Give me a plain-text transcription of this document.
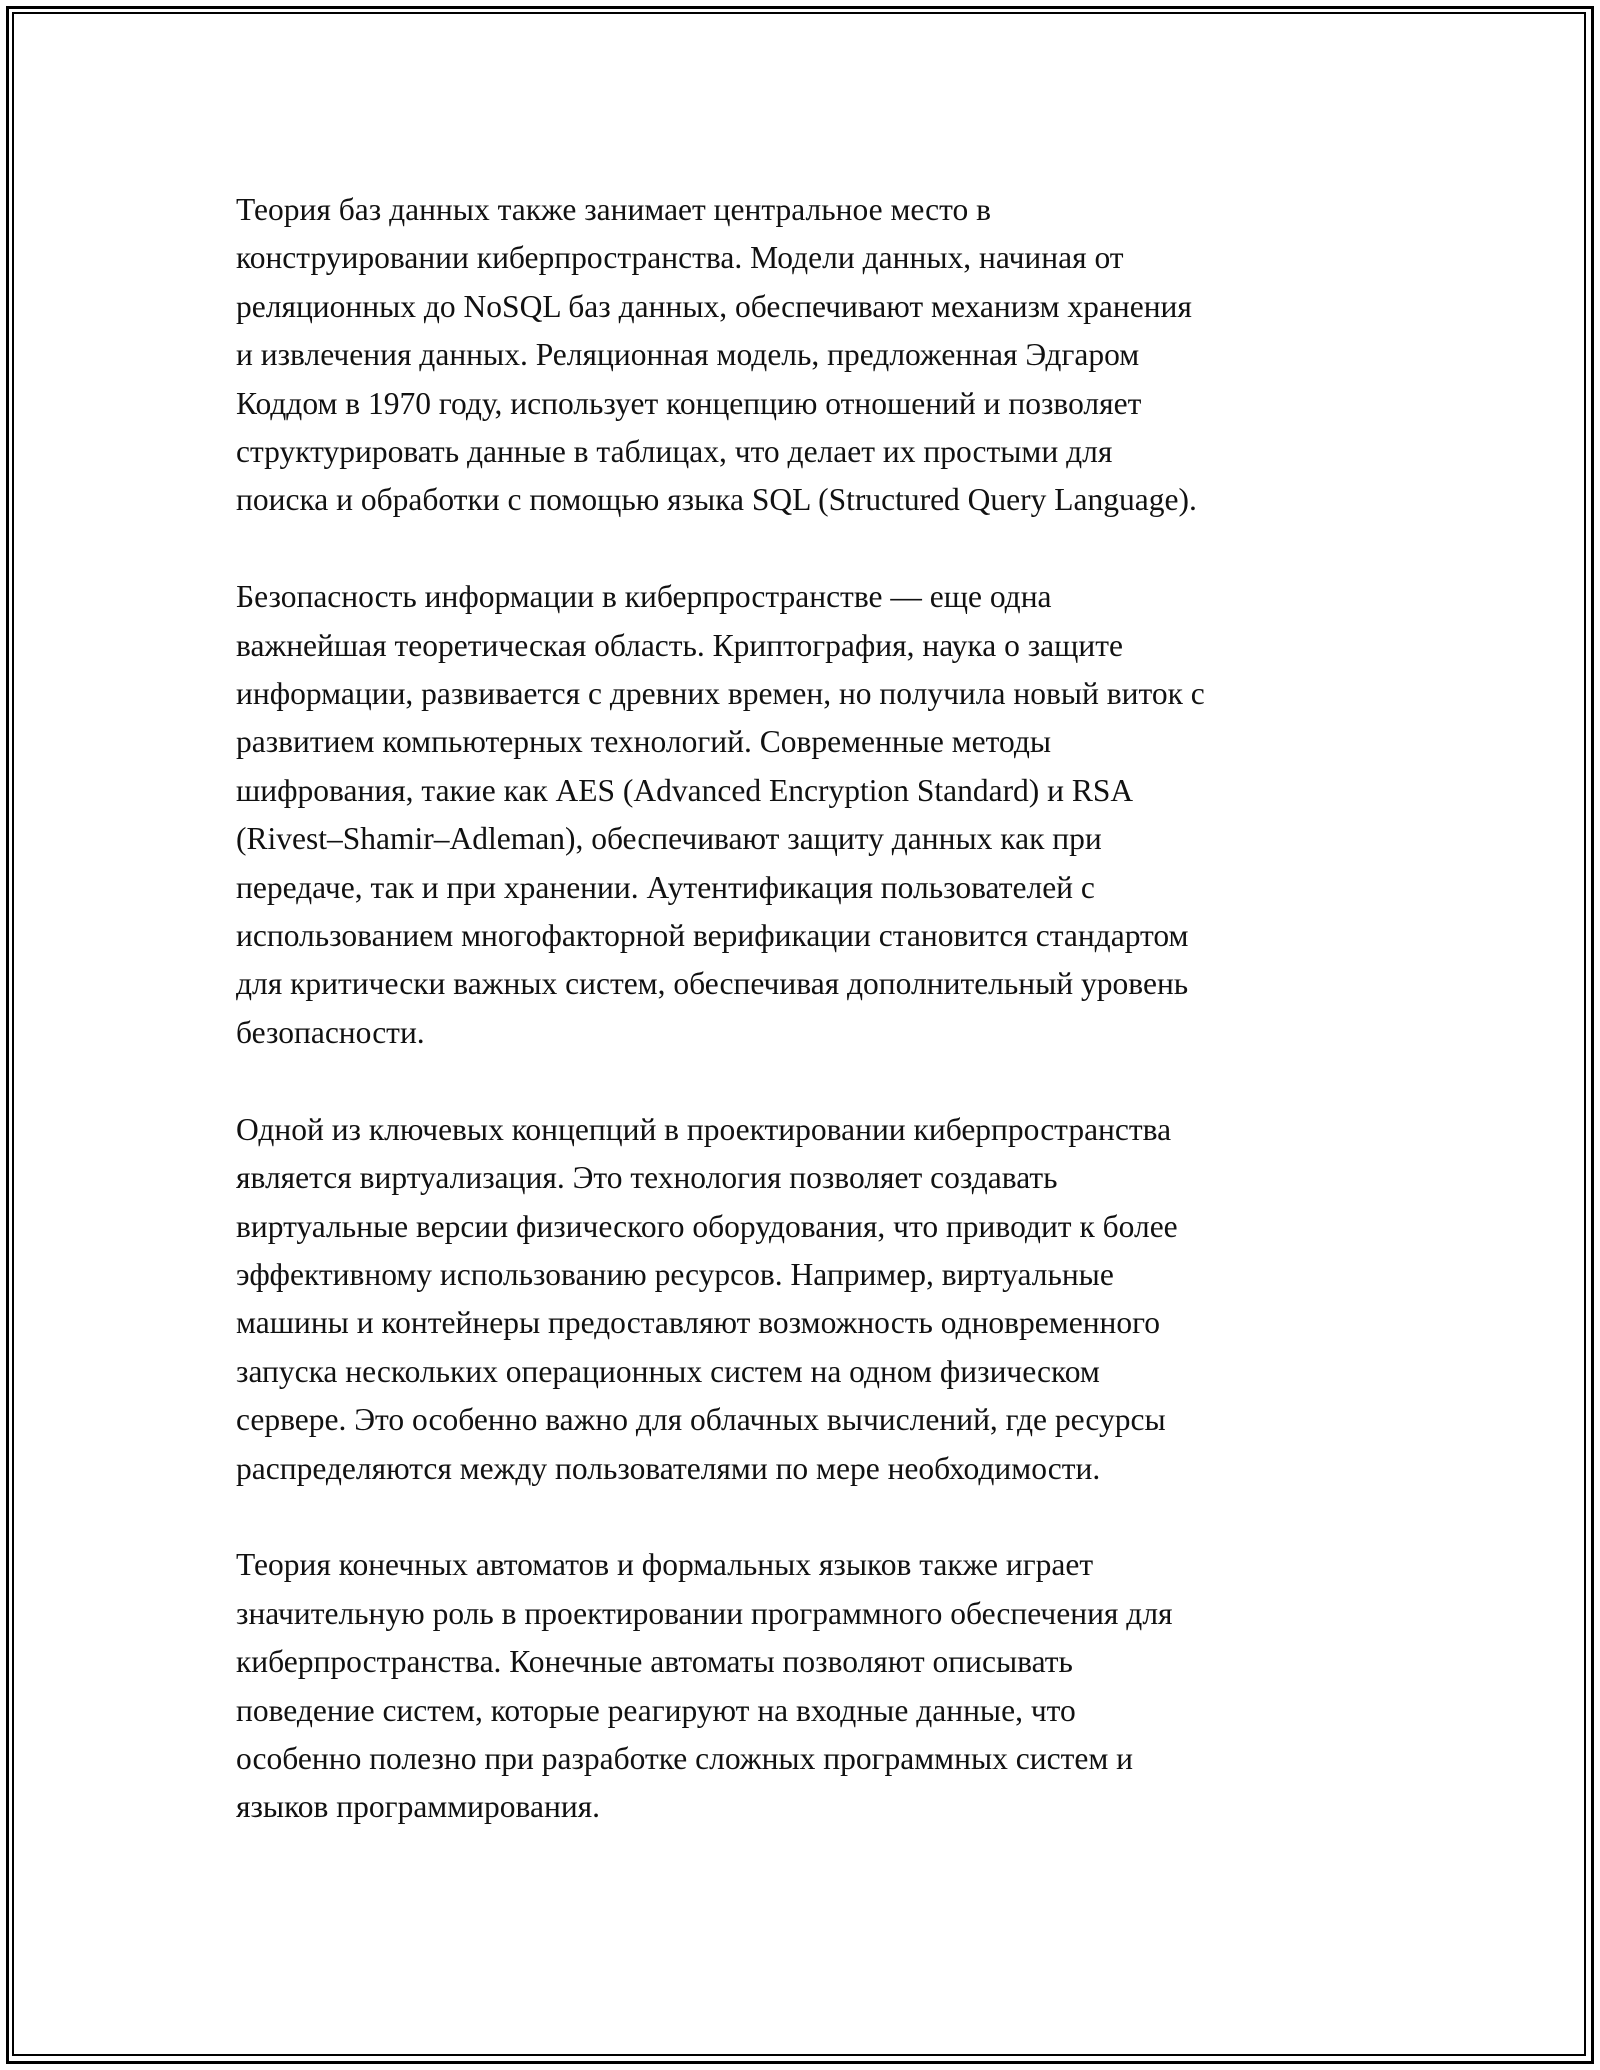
Теория баз данных также занимает центральное место в
конструировании киберпространства. Модели данных, начиная от
реляционных до NoSQL баз данных, обеспечивают механизм хранения
и извлечения данных. Реляционная модель, предложенная Эдгаром
Коддом в 1970 году, использует концепцию отношений и позволяет
структурировать данные в таблицах, что делает их простыми для
поиска и обработки с помощью языка SQL (Structured Query Language).
Безопасность информации в киберпространстве — еще одна
важнейшая теоретическая область. Криптография, наука о защите
информации, развивается с древних времен, но получила новый виток с
развитием компьютерных технологий. Современные методы
шифрования, такие как AES (Advanced Encryption Standard) и RSA
(Rivest–Shamir–Adleman), обеспечивают защиту данных как при
передаче, так и при хранении. Аутентификация пользователей с
использованием многофакторной верификации становится стандартом
для критически важных систем, обеспечивая дополнительный уровень
безопасности.
Одной из ключевых концепций в проектировании киберпространства
является виртуализация. Это технология позволяет создавать
виртуальные версии физического оборудования, что приводит к более
эффективному использованию ресурсов. Например, виртуальные
машины и контейнеры предоставляют возможность одновременного
запуска нескольких операционных систем на одном физическом
сервере. Это особенно важно для облачных вычислений, где ресурсы
распределяются между пользователями по мере необходимости.
Теория конечных автоматов и формальных языков также играет
значительную роль в проектировании программного обеспечения для
киберпространства. Конечные автоматы позволяют описывать
поведение систем, которые реагируют на входные данные, что
особенно полезно при разработке сложных программных систем и
языков программирования.
